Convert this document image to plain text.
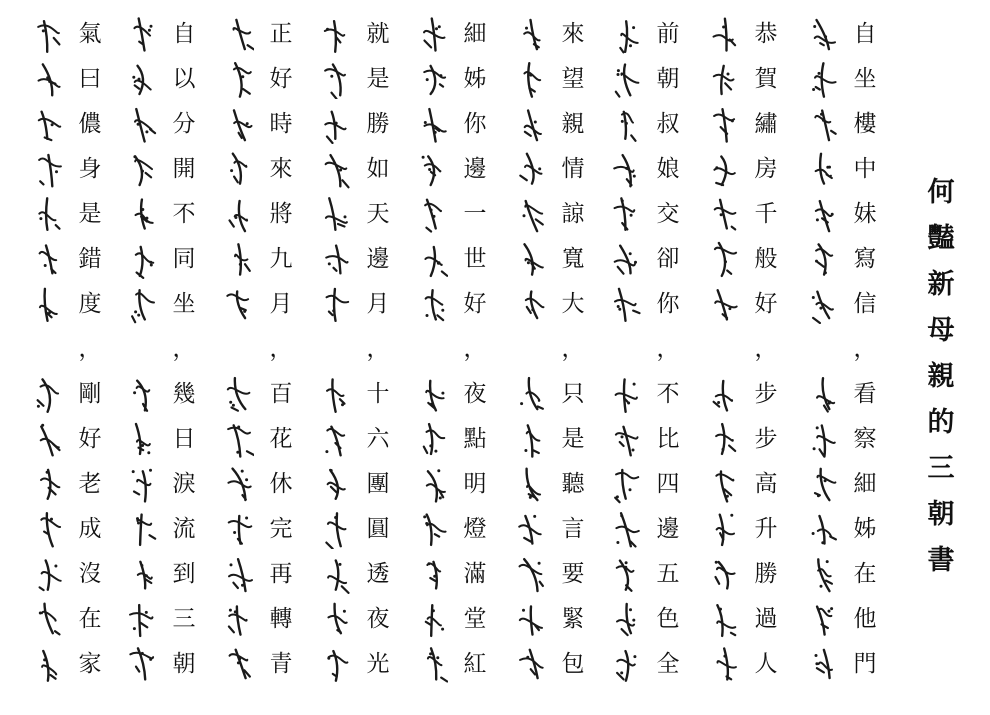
何
豔
新
母
親
的
三
朝
書
自
坐
樓
中
妹
寫
信
，
看
察
細
姊
在
他
門
恭
賀
繡
房
千
般
好
，
步
步
高
升
勝
過
人
前
朝
叔
娘
交
卻
你
，
不
比
四
邊
五
色
全
來
望
親
情
諒
寬
大
，
只
是
聽
言
要
緊
包
細
姊
你
邊
一
世
好
，
夜
點
明
燈
滿
堂
紅
就
是
勝
如
天
邊
月
，
十
六
團
圓
透
夜
光
正
好
時
來
將
九
月
，
百
花
休
完
再
轉
青
自
以
分
開
不
同
坐
，
幾
日
淚
流
到
三
朝
氣
曰
儂
身
是
錯
度
，
剛
好
老
成
沒
在
家
